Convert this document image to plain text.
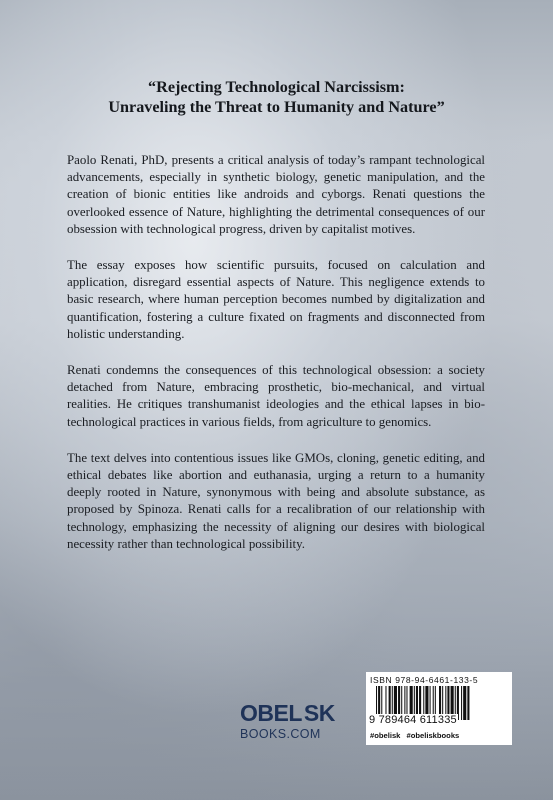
“Rejecting Technological Narcissism:
Unraveling the Threat to Humanity and Nature”

Paolo Renati, PhD, presents a critical analysis of today’s rampant technological advancements, especially in synthetic biology, genetic manipulation, and the creation of bionic entities like androids and cyborgs. Renati questions the overlooked essence of Nature, highlighting the detrimental consequences of our obsession with technological progress, driven by capitalist motives.

The essay exposes how scientific pursuits, focused on calculation and application, disregard essential aspects of Nature. This negligence extends to basic research, where human perception becomes numbed by digitalization and quantification, fostering a culture fixated on fragments and disconnected from holistic understanding.

Renati condemns the consequences of this technological obsession: a society detached from Nature, embracing prosthetic, bio-mechanical, and virtual realities. He critiques transhumanist ideologies and the ethical lapses in bio-technological practices in various fields, from agriculture to genomics.

The text delves into contentious issues like GMOs, cloning, genetic editing, and ethical debates like abortion and euthanasia, urging a return to a humanity deeply rooted in Nature, synonymous with being and absolute substance, as proposed by Spinoza. Renati calls for a recalibration of our relationship with technology, emphasizing the necessity of aligning our desires with biological necessity rather than technological possibility.

OBEL SK
BOOKS.COM
ISBN 978-94-6461-133-5
9 789464 611335
#obelisk #obeliskbooks
